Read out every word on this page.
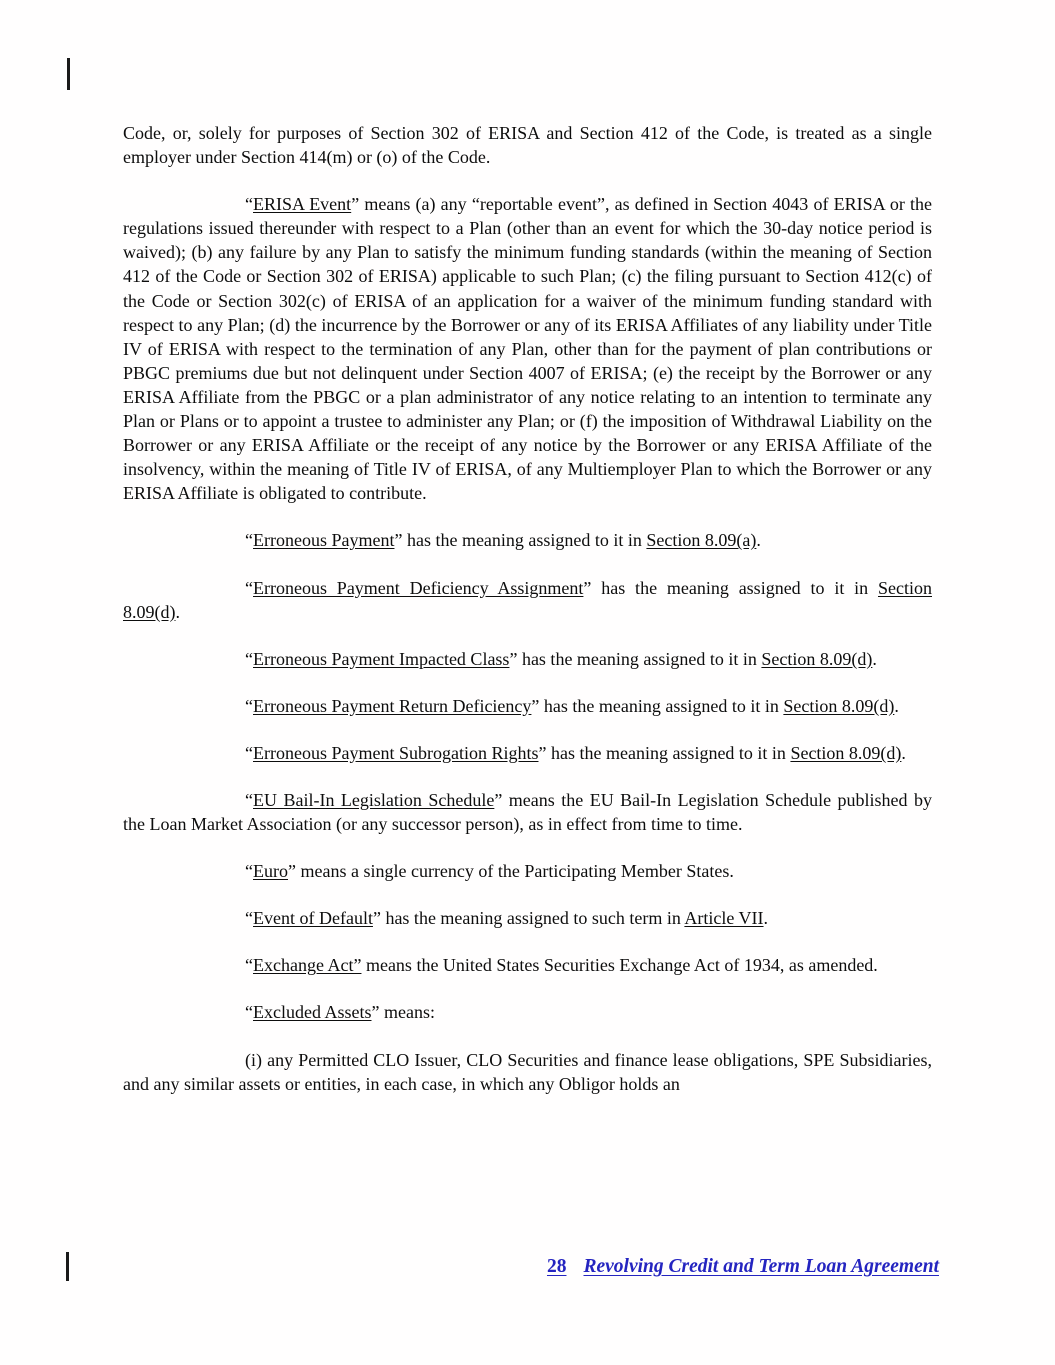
Code, or, solely for purposes of Section 302 of ERISA and Section 412 of the Code, is treated as a single employer under Section 414(m) or (o) of the Code.

“ERISA Event” means (a) any “reportable event”, as defined in Section 4043 of ERISA or the regulations issued thereunder with respect to a Plan (other than an event for which the 30-day notice period is waived); (b) any failure by any Plan to satisfy the minimum funding standards (within the meaning of Section 412 of the Code or Section 302 of ERISA) applicable to such Plan; (c) the filing pursuant to Section 412(c) of the Code or Section 302(c) of ERISA of an application for a waiver of the minimum funding standard with respect to any Plan; (d) the incurrence by the Borrower or any of its ERISA Affiliates of any liability under Title IV of ERISA with respect to the termination of any Plan, other than for the payment of plan contributions or PBGC premiums due but not delinquent under Section 4007 of ERISA; (e) the receipt by the Borrower or any ERISA Affiliate from the PBGC or a plan administrator of any notice relating to an intention to terminate any Plan or Plans or to appoint a trustee to administer any Plan; or (f) the imposition of Withdrawal Liability on the Borrower or any ERISA Affiliate or the receipt of any notice by the Borrower or any ERISA Affiliate of the insolvency, within the meaning of Title IV of ERISA, of any Multiemployer Plan to which the Borrower or any ERISA Affiliate is obligated to contribute.

“Erroneous Payment” has the meaning assigned to it in Section 8.09(a).

“Erroneous Payment Deficiency Assignment” has the meaning assigned to it in Section 8.09(d).

“Erroneous Payment Impacted Class” has the meaning assigned to it in Section 8.09(d).

“Erroneous Payment Return Deficiency” has the meaning assigned to it in Section 8.09(d).

“Erroneous Payment Subrogation Rights” has the meaning assigned to it in Section 8.09(d).

“EU Bail-In Legislation Schedule” means the EU Bail-In Legislation Schedule published by the Loan Market Association (or any successor person), as in effect from time to time.

“Euro” means a single currency of the Participating Member States.

“Event of Default” has the meaning assigned to such term in Article VII.

“Exchange Act” means the United States Securities Exchange Act of 1934, as amended.

“Excluded Assets” means:

(i) any Permitted CLO Issuer, CLO Securities and finance lease obligations, SPE Subsidiaries, and any similar assets or entities, in each case, in which any Obligor holds an

28 Revolving Credit and Term Loan Agreement
